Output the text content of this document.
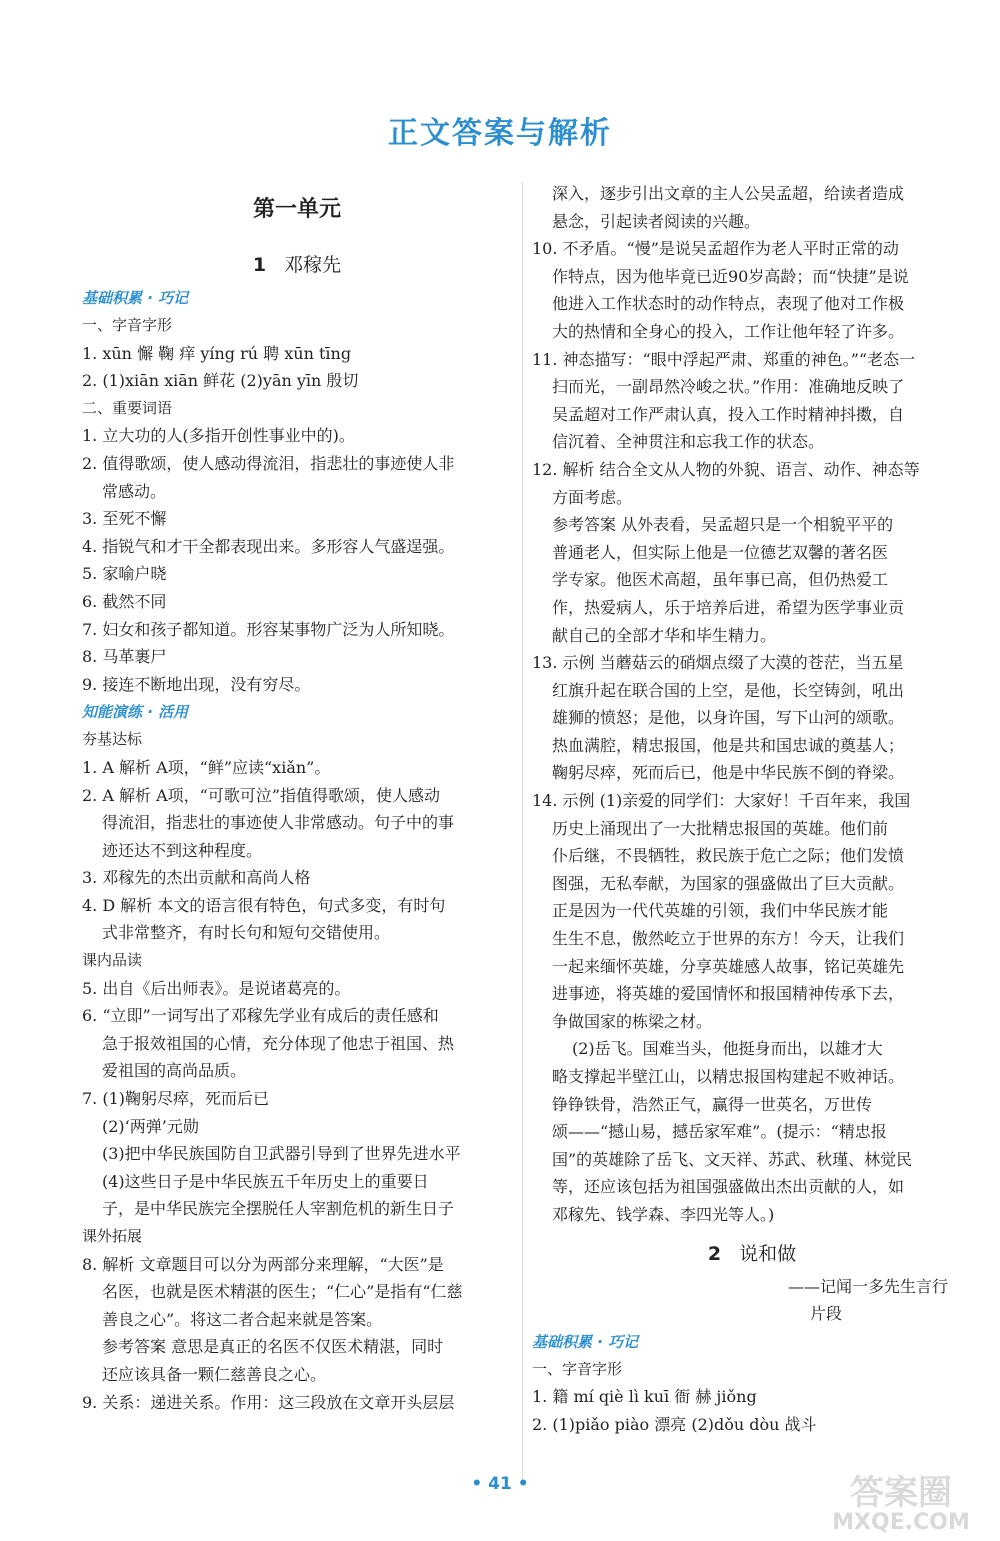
正文答案与解析
第一单元
1 邓稼先
基础积累 · 巧记
一、字音字形
1. xūn 懈 鞠 痒 yíng rú 聘 xūn tīng
2. (1)xiān xiān 鲜花 (2)yān yīn 殷切
二、重要词语
1. 立大功的人(多指开创性事业中的)。
2. 值得歌颂，使人感动得流泪，指悲壮的事迹使人非
常感动。
3. 至死不懈
4. 指锐气和才干全都表现出来。多形容人气盛逞强。
5. 家喻户晓
6. 截然不同
7. 妇女和孩子都知道。形容某事物广泛为人所知晓。
8. 马革裹尸
9. 接连不断地出现，没有穷尽。
知能演练 · 活用
夯基达标
1. A 解析 A项，“鲜”应读“xiǎn”。
2. A 解析 A项，“可歌可泣”指值得歌颂，使人感动
得流泪，指悲壮的事迹使人非常感动。句子中的事
迹还达不到这种程度。
3. 邓稼先的杰出贡献和高尚人格
4. D 解析 本文的语言很有特色，句式多变，有时句
式非常整齐，有时长句和短句交错使用。
课内品读
5. 出自《后出师表》。是说诸葛亮的。
6. “立即”一词写出了邓稼先学业有成后的责任感和
急于报效祖国的心情，充分体现了他忠于祖国、热
爱祖国的高尚品质。
7. (1)鞠躬尽瘁，死而后已
(2)‘两弹’元勋
(3)把中华民族国防自卫武器引导到了世界先进水平
(4)这些日子是中华民族五千年历史上的重要日
子，是中华民族完全摆脱任人宰割危机的新生日子
课外拓展
8. 解析 文章题目可以分为两部分来理解，“大医”是
名医，也就是医术精湛的医生；“仁心”是指有“仁慈
善良之心”。将这二者合起来就是答案。
参考答案 意思是真正的名医不仅医术精湛，同时
还应该具备一颗仁慈善良之心。
9. 关系：递进关系。作用：这三段放在文章开头层层
深入，逐步引出文章的主人公吴孟超，给读者造成
悬念，引起读者阅读的兴趣。
10. 不矛盾。“慢”是说吴孟超作为老人平时正常的动
作特点，因为他毕竟已近90岁高龄；而“快捷”是说
他进入工作状态时的动作特点，表现了他对工作极
大的热情和全身心的投入，工作让他年轻了许多。
11. 神态描写：“眼中浮起严肃、郑重的神色。”“老态一
扫而光，一副昂然冷峻之状。”作用：准确地反映了
吴孟超对工作严肃认真，投入工作时精神抖擞，自
信沉着、全神贯注和忘我工作的状态。
12. 解析 结合全文从人物的外貌、语言、动作、神态等
方面考虑。
参考答案 从外表看，吴孟超只是一个相貌平平的
普通老人，但实际上他是一位德艺双馨的著名医
学专家。他医术高超，虽年事已高，但仍热爱工
作，热爱病人，乐于培养后进，希望为医学事业贡
献自己的全部才华和毕生精力。
13. 示例 当蘑菇云的硝烟点缀了大漠的苍茫，当五星
红旗升起在联合国的上空，是他，长空铸剑，吼出
雄狮的愤怒；是他，以身许国，写下山河的颂歌。
热血满腔，精忠报国，他是共和国忠诚的奠基人；
鞠躬尽瘁，死而后已，他是中华民族不倒的脊梁。
14. 示例 (1)亲爱的同学们：大家好！千百年来，我国
历史上涌现出了一大批精忠报国的英雄。他们前
仆后继，不畏牺牲，救民族于危亡之际；他们发愤
图强，无私奉献，为国家的强盛做出了巨大贡献。
正是因为一代代英雄的引领，我们中华民族才能
生生不息，傲然屹立于世界的东方！今天，让我们
一起来缅怀英雄，分享英雄感人故事，铭记英雄先
进事迹，将英雄的爱国情怀和报国精神传承下去，
争做国家的栋梁之材。
(2)岳飞。国难当头，他挺身而出，以雄才大
略支撑起半壁江山，以精忠报国构建起不败神话。
铮铮铁骨，浩然正气，赢得一世英名，万世传
颂——“撼山易，撼岳家军难”。(提示：“精忠报
国”的英雄除了岳飞、文天祥、苏武、秋瑾、林觉民
等，还应该包括为祖国强盛做出杰出贡献的人，如
邓稼先、钱学森、李四光等人。)
2 说和做
——记闻一多先生言行
片段
基础积累 · 巧记
一、字音字形
1. 籍 mí qiè lì kuī 衙 赫 jiǒng
2. (1)piǎo piào 漂亮 (2)dǒu dòu 战斗
• 41 •	答案圈
MXQE.COM
